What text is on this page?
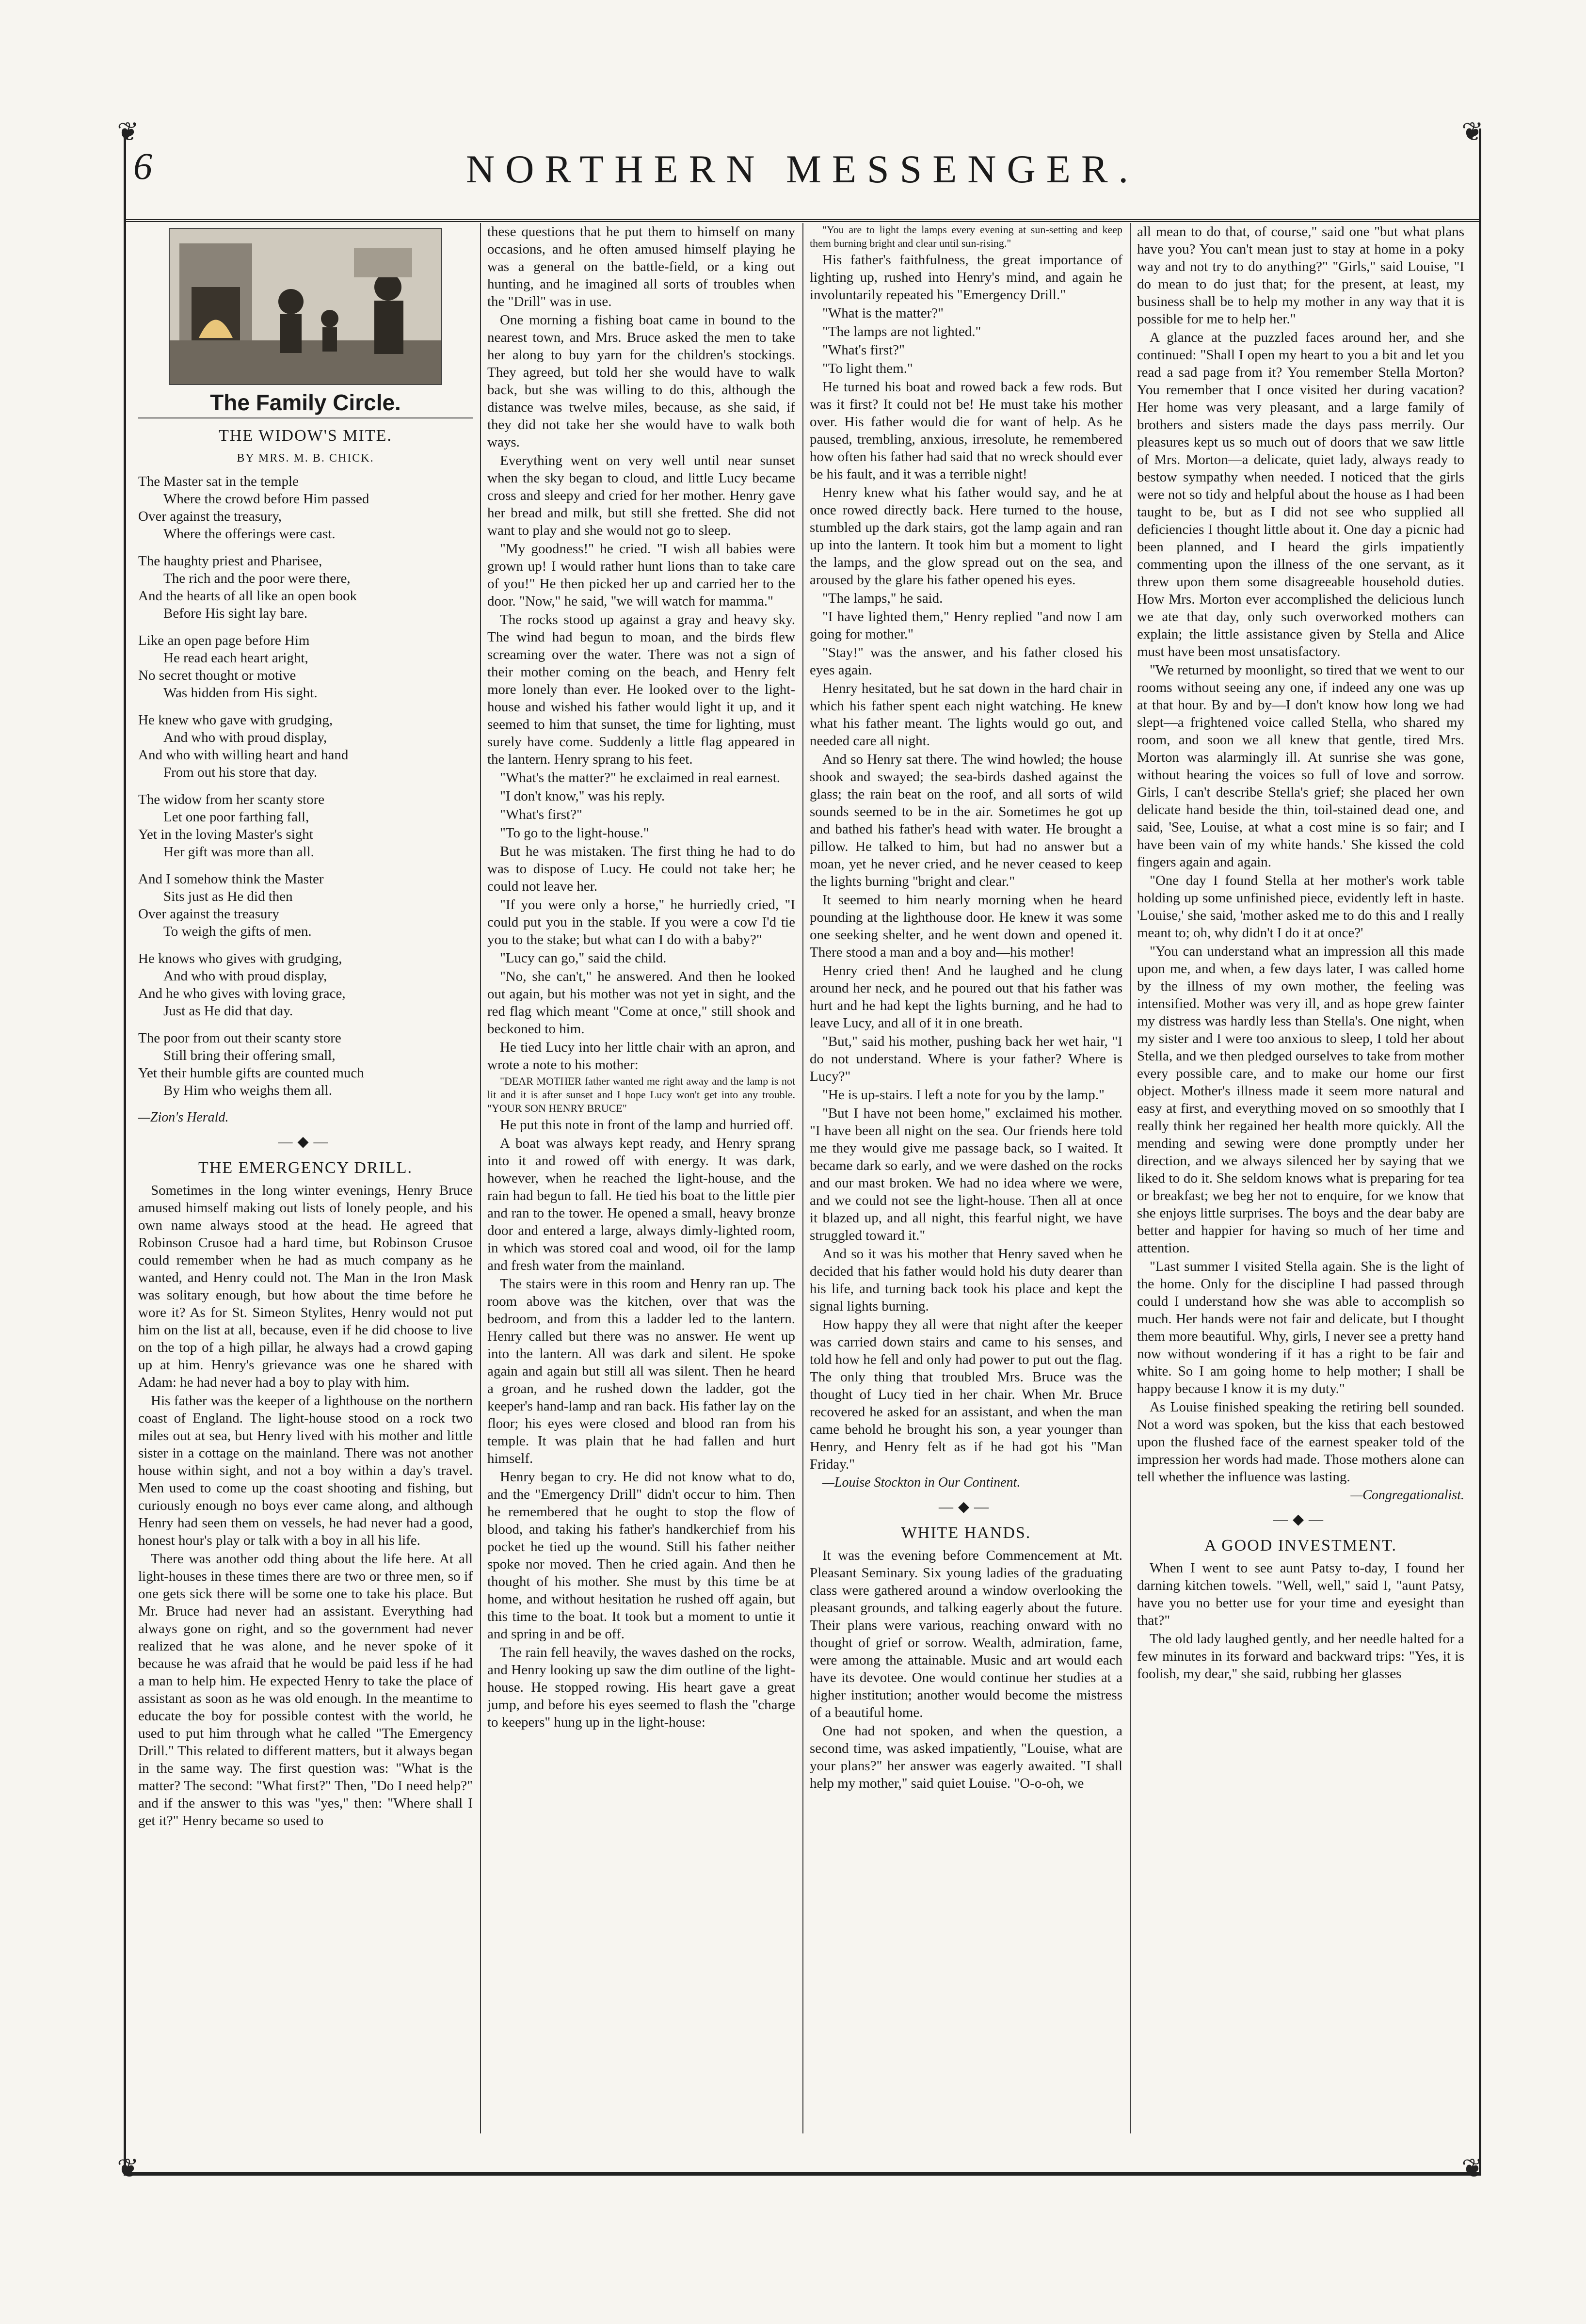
❦	❦
❦	❦
6	NORTHERN MESSENGER.
The Family Circle.
THE WIDOW'S MITE.
BY MRS. M. B. CHICK.
The Master sat in the temple
Where the crowd before Him passed
Over against the treasury,
Where the offerings were cast.
The haughty priest and Pharisee,
The rich and the poor were there,
And the hearts of all like an open book
Before His sight lay bare.
Like an open page before Him
He read each heart aright,
No secret thought or motive
Was hidden from His sight.
He knew who gave with grudging,
And who with proud display,
And who with willing heart and hand
From out his store that day.
The widow from her scanty store
Let one poor farthing fall,
Yet in the loving Master's sight
Her gift was more than all.
And I somehow think the Master
Sits just as He did then
Over against the treasury
To weigh the gifts of men.
He knows who gives with grudging,
And who with proud display,
And he who gives with loving grace,
Just as He did that day.
The poor from out their scanty store
Still bring their offering small,
Yet their humble gifts are counted much
By Him who weighs them all.
—Zion's Herald.
—◆—
THE EMERGENCY DRILL.

Sometimes in the long winter evenings, Henry Bruce amused himself making out lists of lonely people, and his own name always stood at the head. He agreed that Robinson Crusoe had a hard time, but Robinson Crusoe could remember when he had as much company as he wanted, and Henry could not. The Man in the Iron Mask was solitary enough, but how about the time before he wore it? As for St. Simeon Stylites, Henry would not put him on the list at all, because, even if he did choose to live on the top of a high pillar, he always had a crowd gaping up at him. Henry's grievance was one he shared with Adam: he had never had a boy to play with him.

His father was the keeper of a lighthouse on the northern coast of England. The light-house stood on a rock two miles out at sea, but Henry lived with his mother and little sister in a cottage on the mainland. There was not another house within sight, and not a boy within a day's travel. Men used to come up the coast shooting and fishing, but curiously enough no boys ever came along, and although Henry had seen them on vessels, he had never had a good, honest hour's play or talk with a boy in all his life.

There was another odd thing about the life here. At all light-houses in these times there are two or three men, so if one gets sick there will be some one to take his place. But Mr. Bruce had never had an assistant. Everything had always gone on right, and so the government had never realized that he was alone, and he never spoke of it because he was afraid that he would be paid less if he had a man to help him. He expected Henry to take the place of assistant as soon as he was old enough. In the meantime to educate the boy for possible contest with the world, he used to put him through what he called "The Emergency Drill." This related to different matters, but it always began in the same way. The first question was: "What is the matter? The second: "What first?" Then, "Do I need help?" and if the answer to this was "yes," then: "Where shall I get it?" Henry became so used to

these questions that he put them to himself on many occasions, and he often amused himself playing he was a general on the battle-field, or a king out hunting, and he imagined all sorts of troubles when the "Drill" was in use.

One morning a fishing boat came in bound to the nearest town, and Mrs. Bruce asked the men to take her along to buy yarn for the children's stockings. They agreed, but told her she would have to walk back, but she was willing to do this, although the distance was twelve miles, because, as she said, if they did not take her she would have to walk both ways.

Everything went on very well until near sunset when the sky began to cloud, and little Lucy became cross and sleepy and cried for her mother. Henry gave her bread and milk, but still she fretted. She did not want to play and she would not go to sleep.

"My goodness!" he cried. "I wish all babies were grown up! I would rather hunt lions than to take care of you!" He then picked her up and carried her to the door. "Now," he said, "we will watch for mamma."

The rocks stood up against a gray and heavy sky. The wind had begun to moan, and the birds flew screaming over the water. There was not a sign of their mother coming on the beach, and Henry felt more lonely than ever. He looked over to the light-house and wished his father would light it up, and it seemed to him that sunset, the time for lighting, must surely have come. Suddenly a little flag appeared in the lantern. Henry sprang to his feet.

"What's the matter?" he exclaimed in real earnest.

"I don't know," was his reply.

"What's first?"

"To go to the light-house."

But he was mistaken. The first thing he had to do was to dispose of Lucy. He could not take her; he could not leave her.

"If you were only a horse," he hurriedly cried, "I could put you in the stable. If you were a cow I'd tie you to the stake; but what can I do with a baby?"

"Lucy can go," said the child.

"No, she can't," he answered. And then he looked out again, but his mother was not yet in sight, and the red flag which meant "Come at once," still shook and beckoned to him.

He tied Lucy into her little chair with an apron, and wrote a note to his mother:

"DEAR MOTHER father wanted me right away and the lamp is not lit and it is after sunset and I hope Lucy won't get into any trouble. "YOUR SON HENRY BRUCE"

He put this note in front of the lamp and hurried off.

A boat was always kept ready, and Henry sprang into it and rowed off with energy. It was dark, however, when he reached the light-house, and the rain had begun to fall. He tied his boat to the little pier and ran to the tower. He opened a small, heavy bronze door and entered a large, always dimly-lighted room, in which was stored coal and wood, oil for the lamp and fresh water from the mainland.

The stairs were in this room and Henry ran up. The room above was the kitchen, over that was the bedroom, and from this a ladder led to the lantern. Henry called but there was no answer. He went up into the lantern. All was dark and silent. He spoke again and again but still all was silent. Then he heard a groan, and he rushed down the ladder, got the keeper's hand-lamp and ran back. His father lay on the floor; his eyes were closed and blood ran from his temple. It was plain that he had fallen and hurt himself.

Henry began to cry. He did not know what to do, and the "Emergency Drill" didn't occur to him. Then he remembered that he ought to stop the flow of blood, and taking his father's handkerchief from his pocket he tied up the wound. Still his father neither spoke nor moved. Then he cried again. And then he thought of his mother. She must by this time be at home, and without hesitation he rushed off again, but this time to the boat. It took but a moment to untie it and spring in and be off.

The rain fell heavily, the waves dashed on the rocks, and Henry looking up saw the dim outline of the light-house. He stopped rowing. His heart gave a great jump, and before his eyes seemed to flash the "charge to keepers" hung up in the light-house:

"You are to light the lamps every evening at sun-setting and keep them burning bright and clear until sun-rising."

His father's faithfulness, the great importance of lighting up, rushed into Henry's mind, and again he involuntarily repeated his "Emergency Drill."

"What is the matter?"

"The lamps are not lighted."

"What's first?"

"To light them."

He turned his boat and rowed back a few rods. But was it first? It could not be! He must take his mother over. His father would die for want of help. As he paused, trembling, anxious, irresolute, he remembered how often his father had said that no wreck should ever be his fault, and it was a terrible night!

Henry knew what his father would say, and he at once rowed directly back. Here turned to the house, stumbled up the dark stairs, got the lamp again and ran up into the lantern. It took him but a moment to light the lamps, and the glow spread out on the sea, and aroused by the glare his father opened his eyes.

"The lamps," he said.

"I have lighted them," Henry replied "and now I am going for mother."

"Stay!" was the answer, and his father closed his eyes again.

Henry hesitated, but he sat down in the hard chair in which his father spent each night watching. He knew what his father meant. The lights would go out, and needed care all night.

And so Henry sat there. The wind howled; the house shook and swayed; the sea-birds dashed against the glass; the rain beat on the roof, and all sorts of wild sounds seemed to be in the air. Sometimes he got up and bathed his father's head with water. He brought a pillow. He talked to him, but had no answer but a moan, yet he never cried, and he never ceased to keep the lights burning "bright and clear."

It seemed to him nearly morning when he heard pounding at the lighthouse door. He knew it was some one seeking shelter, and he went down and opened it. There stood a man and a boy and—his mother!

Henry cried then! And he laughed and he clung around her neck, and he poured out that his father was hurt and he had kept the lights burning, and he had to leave Lucy, and all of it in one breath.

"But," said his mother, pushing back her wet hair, "I do not understand. Where is your father? Where is Lucy?"

"He is up-stairs. I left a note for you by the lamp."

"But I have not been home," exclaimed his mother. "I have been all night on the sea. Our friends here told me they would give me passage back, so I waited. It became dark so early, and we were dashed on the rocks and our mast broken. We had no idea where we were, and we could not see the light-house. Then all at once it blazed up, and all night, this fearful night, we have struggled toward it."

And so it was his mother that Henry saved when he decided that his father would hold his duty dearer than his life, and turning back took his place and kept the signal lights burning.

How happy they all were that night after the keeper was carried down stairs and came to his senses, and told how he fell and only had power to put out the flag. The only thing that troubled Mrs. Bruce was the thought of Lucy tied in her chair. When Mr. Bruce recovered he asked for an assistant, and when the man came behold he brought his son, a year younger than Henry, and Henry felt as if he had got his "Man Friday."

—Louise Stockton in Our Continent.

—◆—
WHITE HANDS.

It was the evening before Commencement at Mt. Pleasant Seminary. Six young ladies of the graduating class were gathered around a window overlooking the pleasant grounds, and talking eagerly about the future. Their plans were various, reaching onward with no thought of grief or sorrow. Wealth, admiration, fame, were among the attainable. Music and art would each have its devotee. One would continue her studies at a higher institution; another would become the mistress of a beautiful home.

One had not spoken, and when the question, a second time, was asked impatiently, "Louise, what are your plans?" her answer was eagerly awaited. "I shall help my mother," said quiet Louise. "O-o-oh, we

all mean to do that, of course," said one "but what plans have you? You can't mean just to stay at home in a poky way and not try to do anything?" "Girls," said Louise, "I do mean to do just that; for the present, at least, my business shall be to help my mother in any way that it is possible for me to help her."

A glance at the puzzled faces around her, and she continued: "Shall I open my heart to you a bit and let you read a sad page from it? You remember Stella Morton? You remember that I once visited her during vacation? Her home was very pleasant, and a large family of brothers and sisters made the days pass merrily. Our pleasures kept us so much out of doors that we saw little of Mrs. Morton—a delicate, quiet lady, always ready to bestow sympathy when needed. I noticed that the girls were not so tidy and helpful about the house as I had been taught to be, but as I did not see who supplied all deficiencies I thought little about it. One day a picnic had been planned, and I heard the girls impatiently commenting upon the illness of the one servant, as it threw upon them some disagreeable household duties. How Mrs. Morton ever accomplished the delicious lunch we ate that day, only such overworked mothers can explain; the little assistance given by Stella and Alice must have been most unsatisfactory.

"We returned by moonlight, so tired that we went to our rooms without seeing any one, if indeed any one was up at that hour. By and by—I don't know how long we had slept—a frightened voice called Stella, who shared my room, and soon we all knew that gentle, tired Mrs. Morton was alarmingly ill. At sunrise she was gone, without hearing the voices so full of love and sorrow. Girls, I can't describe Stella's grief; she placed her own delicate hand beside the thin, toil-stained dead one, and said, 'See, Louise, at what a cost mine is so fair; and I have been vain of my white hands.' She kissed the cold fingers again and again.

"One day I found Stella at her mother's work table holding up some unfinished piece, evidently left in haste. 'Louise,' she said, 'mother asked me to do this and I really meant to; oh, why didn't I do it at once?'

"You can understand what an impression all this made upon me, and when, a few days later, I was called home by the illness of my own mother, the feeling was intensified. Mother was very ill, and as hope grew fainter my distress was hardly less than Stella's. One night, when my sister and I were too anxious to sleep, I told her about Stella, and we then pledged ourselves to take from mother every possible care, and to make our home our first object. Mother's illness made it seem more natural and easy at first, and everything moved on so smoothly that I really think her regained her health more quickly. All the mending and sewing were done promptly under her direction, and we always silenced her by saying that we liked to do it. She seldom knows what is preparing for tea or breakfast; we beg her not to enquire, for we know that she enjoys little surprises. The boys and the dear baby are better and happier for having so much of her time and attention.

"Last summer I visited Stella again. She is the light of the home. Only for the discipline I had passed through could I understand how she was able to accomplish so much. Her hands were not fair and delicate, but I thought them more beautiful. Why, girls, I never see a pretty hand now without wondering if it has a right to be fair and white. So I am going home to help mother; I shall be happy because I know it is my duty."

As Louise finished speaking the retiring bell sounded. Not a word was spoken, but the kiss that each bestowed upon the flushed face of the earnest speaker told of the impression her words had made. Those mothers alone can tell whether the influence was lasting.

—Congregationalist.

—◆—
A GOOD INVESTMENT.

When I went to see aunt Patsy to-day, I found her darning kitchen towels. "Well, well," said I, "aunt Patsy, have you no better use for your time and eyesight than that?"

The old lady laughed gently, and her needle halted for a few minutes in its forward and backward trips: "Yes, it is foolish, my dear," she said, rubbing her glasses
